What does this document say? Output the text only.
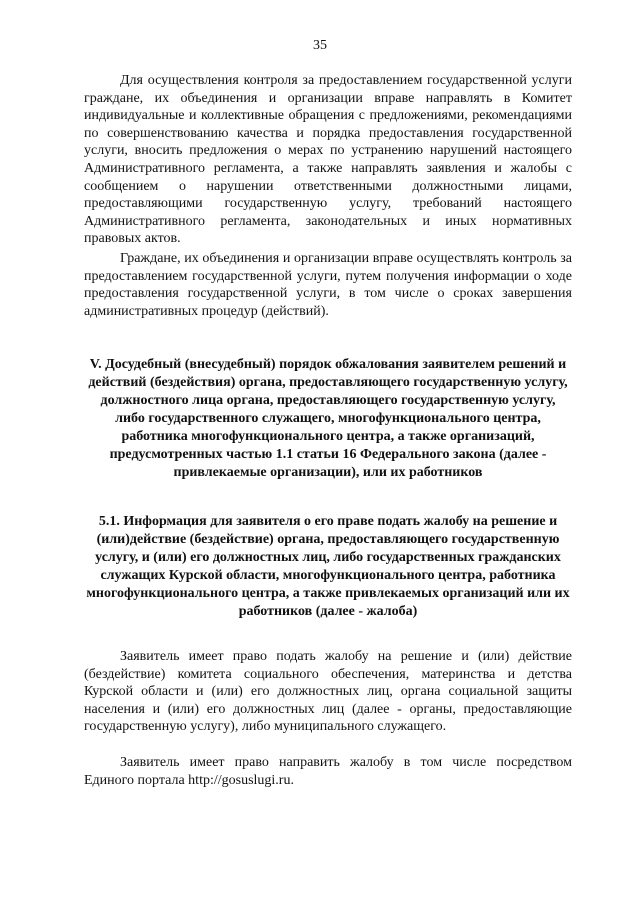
35

Для осуществления контроля за предоставлением государственной услуги граждане, их объединения и организации вправе направлять в Комитет индивидуальные и коллективные обращения с предложениями, рекомендациями по совершенствованию качества и порядка предоставления государственной услуги, вносить предложения о мерах по устранению нарушений настоящего Административного регламента, а также направлять заявления и жалобы с сообщением о нарушении ответственными должностными лицами, предоставляющими государственную услугу, требований настоящего Административного регламента, законодательных и иных нормативных правовых актов.

Граждане, их объединения и организации вправе осуществлять контроль за предоставлением государственной услуги, путем получения информации о ходе предоставления государственной услуги, в том числе о сроках завершения административных процедур (действий).

V. Досудебный (внесудебный) порядок обжалования заявителем решений и действий (бездействия) органа, предоставляющего государственную услугу, должностного лица органа, предоставляющего государственную услугу, либо государственного служащего, многофункционального центра, работника многофункционального центра, а также организаций, предусмотренных частью 1.1 статьи 16 Федерального закона (далее - привлекаемые организации), или их работников
5.1. Информация для заявителя о его праве подать жалобу на решение и (или)действие (бездействие) органа, предоставляющего государственную услугу, и (или) его должностных лиц, либо государственных гражданских служащих Курской области, многофункционального центра, работника многофункционального центра, а также привлекаемых организаций или их работников (далее - жалоба)

Заявитель имеет право подать жалобу на решение и (или) действие (бездействие) комитета социального обеспечения, материнства и детства Курской области и (или) его должностных лиц, органа социальной защиты населения и (или) его должностных лиц (далее - органы, предоставляющие государственную услугу), либо муниципального служащего.

Заявитель имеет право направить жалобу в том числе посредством Единого портала http://gosuslugi.ru.
